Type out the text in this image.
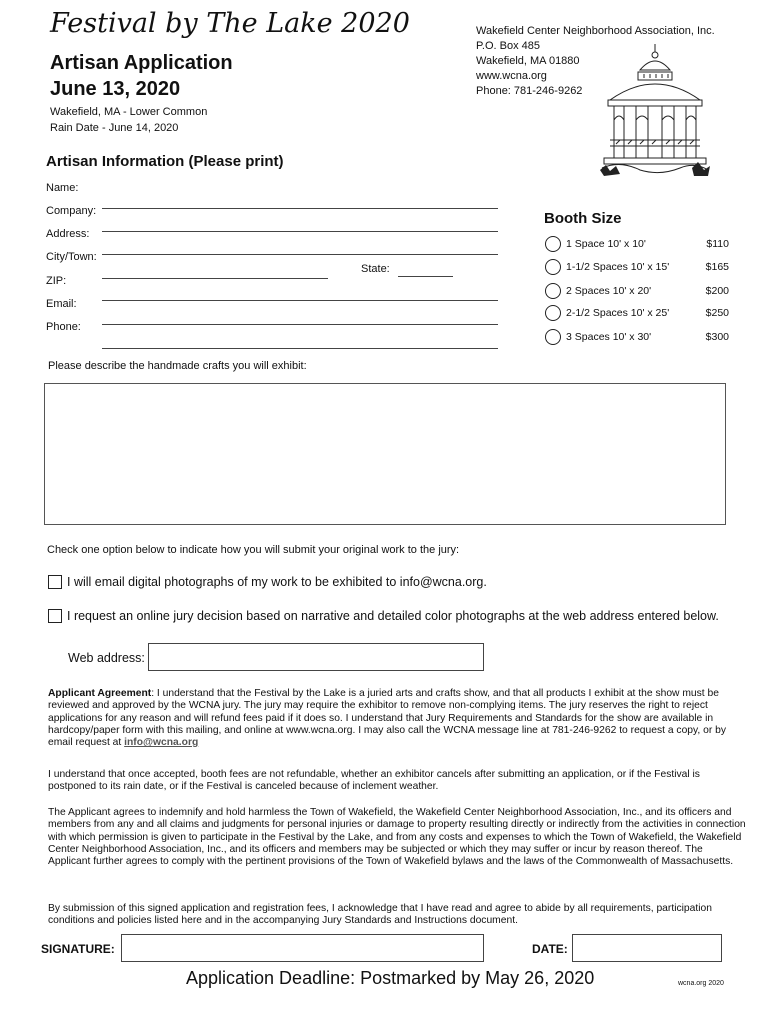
Festival by The Lake 2020
Artisan Application
June 13, 2020
Wakefield, MA - Lower Common
Rain Date - June 14, 2020
Wakefield Center Neighborhood Association, Inc.
P.O. Box 485
Wakefield, MA 01880
www.wcna.org
Phone: 781-246-9262
Artisan Information (Please print)
Name:
Company:
Address:
City/Town:
State:
ZIP:
Email:
Phone:
Booth Size
1 Space 10' x 10'	$110
1-1/2 Spaces 10' x 15'	$165
2 Spaces 10' x 20'	$200
2-1/2 Spaces 10' x 25'	$250
3 Spaces 10' x 30'	$300
Please describe the handmade crafts you will exhibit:
Check one option below to indicate how you will submit your original work to the jury:
I will email digital photographs of my work to be exhibited to info@wcna.org.
I request an online jury decision based on narrative and detailed color photographs at the web address entered below.
Web address:
Applicant Agreement: I understand that the Festival by the Lake is a juried arts and crafts show, and that all products I exhibit at the show must be reviewed and approved by the WCNA jury. The jury may require the exhibitor to remove non-complying items. The jury reserves the right to reject applications for any reason and will refund fees paid if it does so. I understand that Jury Requirements and Standards for the show are available in hardcopy/paper form with this mailing, and online at www.wcna.org. I may also call the WCNA message line at 781-246-9262 to request a copy, or by email request at info@wcna.org
I understand that once accepted, booth fees are not refundable, whether an exhibitor cancels after submitting an application, or if the Festival is postponed to its rain date, or if the Festival is canceled because of inclement weather.
The Applicant agrees to indemnify and hold harmless the Town of Wakefield, the Wakefield Center Neighborhood Association, Inc., and its officers and members from any and all claims and judgments for personal injuries or damage to property resulting directly or indirectly from the activities in connection with which permission is given to participate in the Festival by the Lake, and from any costs and expenses to which the Town of Wakefield, the Wakefield Center Neighborhood Association, Inc., and its officers and members may be subjected or which they may suffer or incur by reason thereof. The Applicant further agrees to comply with the pertinent provisions of the Town of Wakefield bylaws and the laws of the Commonwealth of Massachusetts.
By submission of this signed application and registration fees, I acknowledge that I have read and agree to abide by all requirements, participation conditions and policies listed here and in the accompanying Jury Standards and Instructions document.
SIGNATURE:	DATE:
Application Deadline: Postmarked by May 26, 2020	wcna.org 2020
